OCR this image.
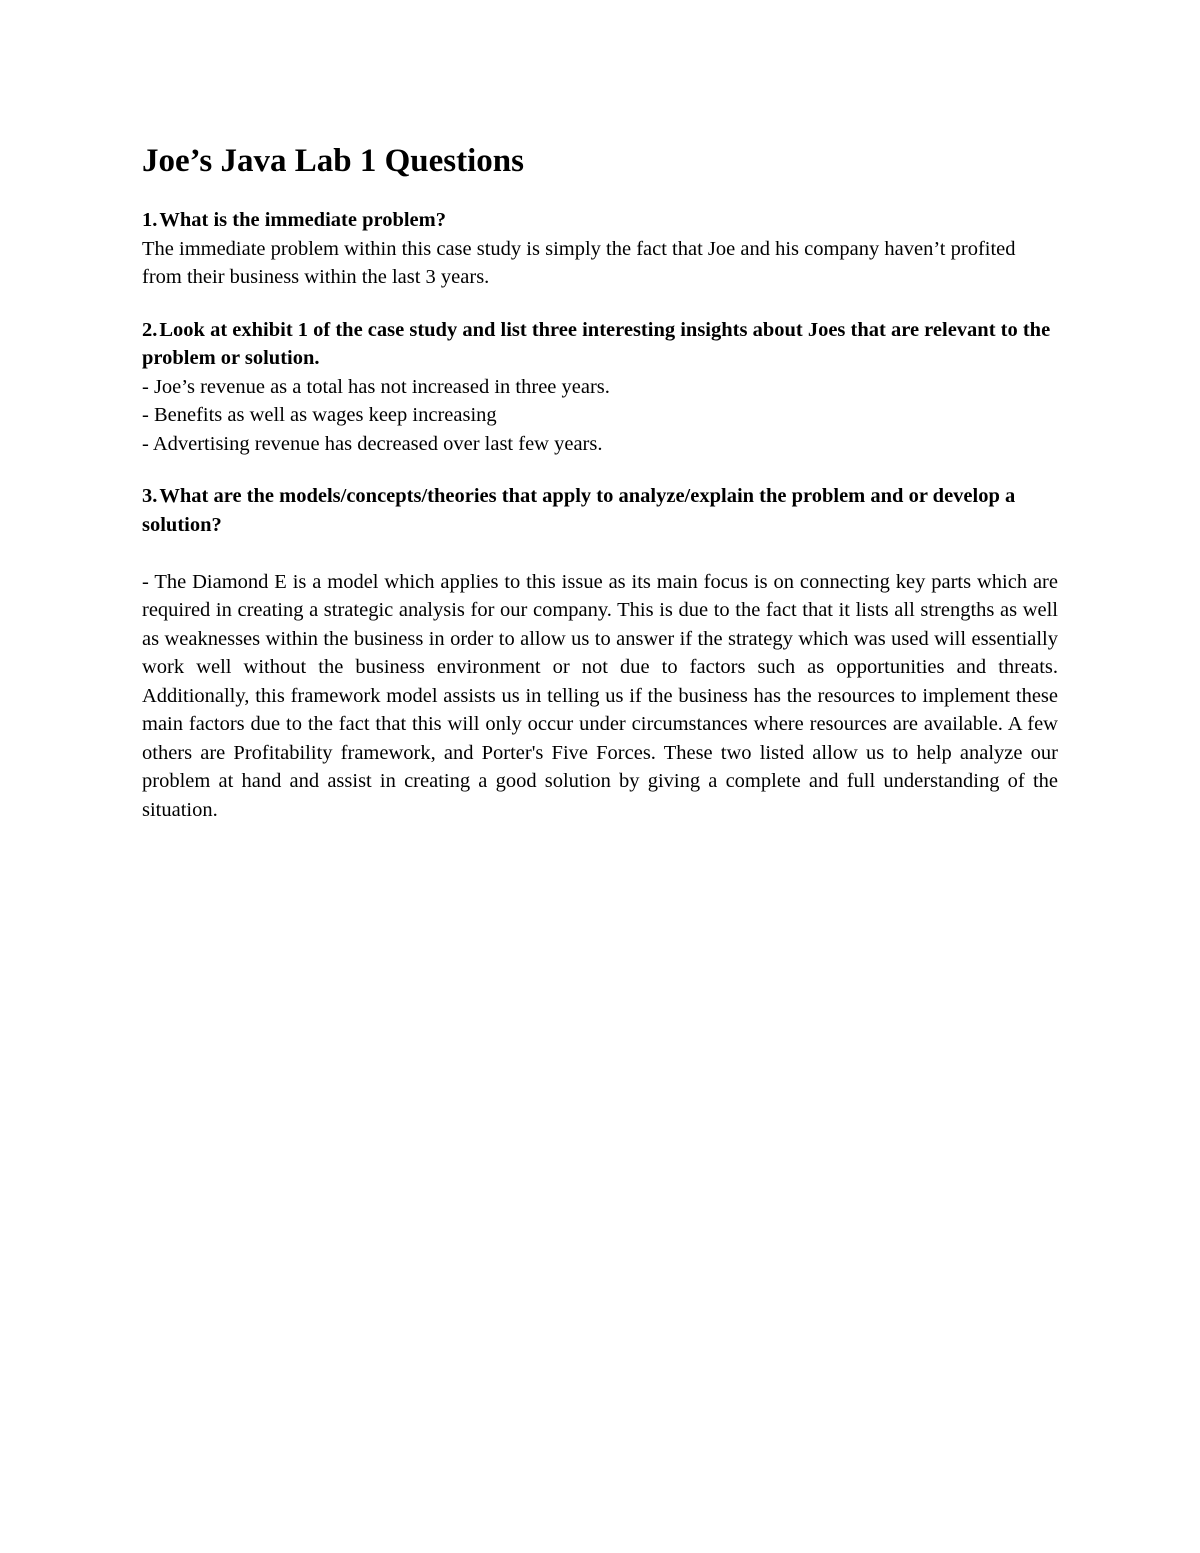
Joe’s Java Lab 1 Questions

1.What is the immediate problem?

The immediate problem within this case study is simply the fact that Joe and his company haven’t profited from their business within the last 3 years.

2.Look at exhibit 1 of the case study and list three interesting insights about Joes that are relevant to the problem or solution.

- Joe’s revenue as a total has not increased in three years.
- Benefits as well as wages keep increasing
- Advertising revenue has decreased over last few years.

3.What are the models/concepts/theories that apply to analyze/explain the problem and or develop a solution?

- The Diamond E is a model which applies to this issue as its main focus is on connecting key parts which are required in creating a strategic analysis for our company. This is due to the fact that it lists all strengths as well as weaknesses within the business in order to allow us to answer if the strategy which was used will essentially work well without the business environment or not due to factors such as opportunities and threats. Additionally, this framework model assists us in telling us if the business has the resources to implement these main factors due to the fact that this will only occur under circumstances where resources are available. A few others are Profitability framework, and Porter's Five Forces. These two listed allow us to help analyze our problem at hand and assist in creating a good solution by giving a complete and full understanding of the situation.
